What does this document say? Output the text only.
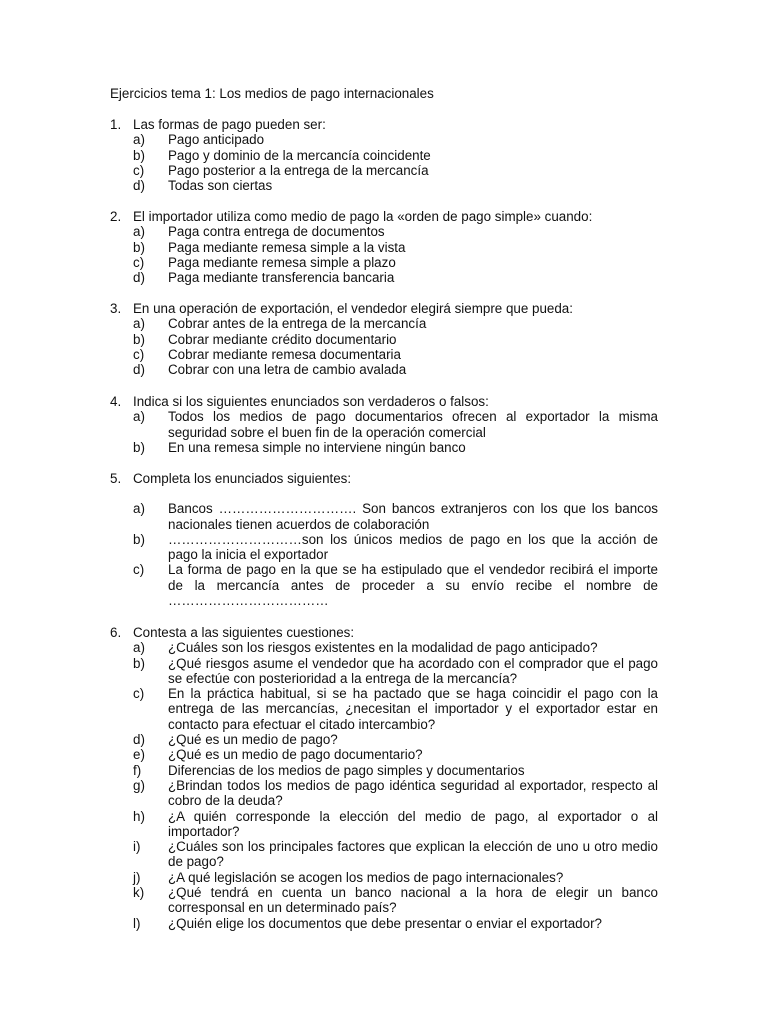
Ejercicios tema 1: Los medios de pago internacionales
1. Las formas de pago pueden ser:
a) Pago anticipado
b) Pago y dominio de la mercancía coincidente
c) Pago posterior a la entrega de la mercancía
d) Todas son ciertas
2. El importador utiliza como medio de pago la «orden de pago simple» cuando:
a) Paga contra entrega de documentos
b) Paga mediante remesa simple a la vista
c) Paga mediante remesa simple a plazo
d) Paga mediante transferencia bancaria
3. En una operación de exportación, el vendedor elegirá siempre que pueda:
a) Cobrar antes de la entrega de la mercancía
b) Cobrar mediante crédito documentario
c) Cobrar mediante remesa documentaria
d) Cobrar con una letra de cambio avalada
4. Indica si los siguientes enunciados son verdaderos o falsos:
a) Todos los medios de pago documentarios ofrecen al exportador la misma seguridad sobre el buen fin de la operación comercial
b) En una remesa simple no interviene ningún banco
5. Completa los enunciados siguientes:
a) Bancos …………………………. Son bancos extranjeros con los que los bancos nacionales tienen acuerdos de colaboración
b) …………………………son los únicos medios de pago en los que la acción de pago la inicia el exportador
c) La forma de pago en la que se ha estipulado que el vendedor recibirá el importe de la mercancía antes de proceder a su envío recibe el nombre de ………………………………
6. Contesta a las siguientes cuestiones:
a) ¿Cuáles son los riesgos existentes en la modalidad de pago anticipado?
b) ¿Qué riesgos asume el vendedor que ha acordado con el comprador que el pago se efectúe con posterioridad a la entrega de la mercancía?
c) En la práctica habitual, si se ha pactado que se haga coincidir el pago con la entrega de las mercancías, ¿necesitan el importador y el exportador estar en contacto para efectuar el citado intercambio?
d) ¿Qué es un medio de pago?
e) ¿Qué es un medio de pago documentario?
f) Diferencias de los medios de pago simples y documentarios
g) ¿Brindan todos los medios de pago idéntica seguridad al exportador, respecto al cobro de la deuda?
h) ¿A quién corresponde la elección del medio de pago, al exportador o al importador?
i) ¿Cuáles son los principales factores que explican la elección de uno u otro medio de pago?
j) ¿A qué legislación se acogen los medios de pago internacionales?
k) ¿Qué tendrá en cuenta un banco nacional a la hora de elegir un banco corresponsal en un determinado país?
l) ¿Quién elige los documentos que debe presentar o enviar el exportador?
